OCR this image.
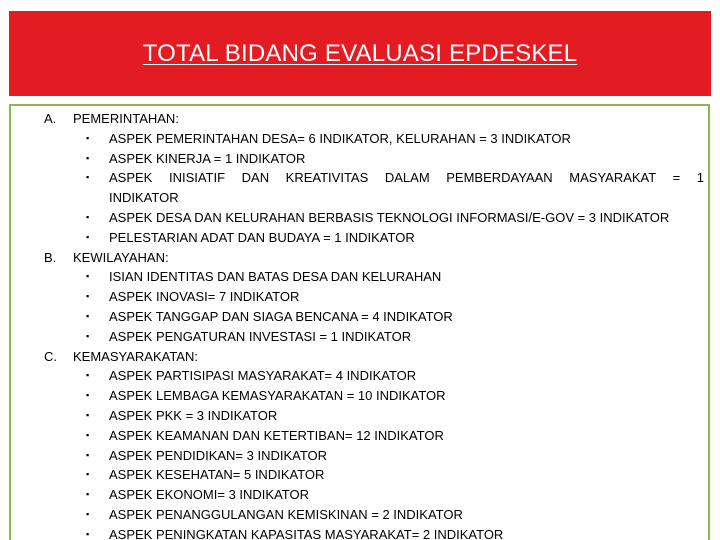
TOTAL BIDANG EVALUASI EPDESKEL
A. PEMERINTAHAN:
▪ ASPEK PEMERINTAHAN DESA= 6 INDIKATOR, KELURAHAN = 3 INDIKATOR
▪ ASPEK KINERJA = 1 INDIKATOR
▪ ASPEK INISIATIF DAN KREATIVITAS DALAM PEMBERDAYAAN MASYARAKAT = 1 INDIKATOR
▪ ASPEK DESA DAN KELURAHAN BERBASIS TEKNOLOGI INFORMASI/E-GOV = 3 INDIKATOR
▪ PELESTARIAN ADAT DAN BUDAYA = 1 INDIKATOR
B. KEWILAYAHAN:
▪ ISIAN IDENTITAS DAN BATAS DESA DAN KELURAHAN
▪ ASPEK INOVASI= 7 INDIKATOR
▪ ASPEK TANGGAP DAN SIAGA BENCANA = 4 INDIKATOR
▪ ASPEK PENGATURAN INVESTASI = 1 INDIKATOR
C. KEMASYARAKATAN:
▪ ASPEK PARTISIPASI MASYARAKAT= 4 INDIKATOR
▪ ASPEK LEMBAGA KEMASYARAKATAN = 10 INDIKATOR
▪ ASPEK PKK = 3 INDIKATOR
▪ ASPEK KEAMANAN DAN KETERTIBAN= 12 INDIKATOR
▪ ASPEK PENDIDIKAN= 3 INDIKATOR
▪ ASPEK KESEHATAN= 5 INDIKATOR
▪ ASPEK EKONOMI= 3 INDIKATOR
▪ ASPEK PENANGGULANGAN KEMISKINAN = 2 INDIKATOR
▪ ASPEK PENINGKATAN KAPASITAS MASYARAKAT= 2 INDIKATOR
